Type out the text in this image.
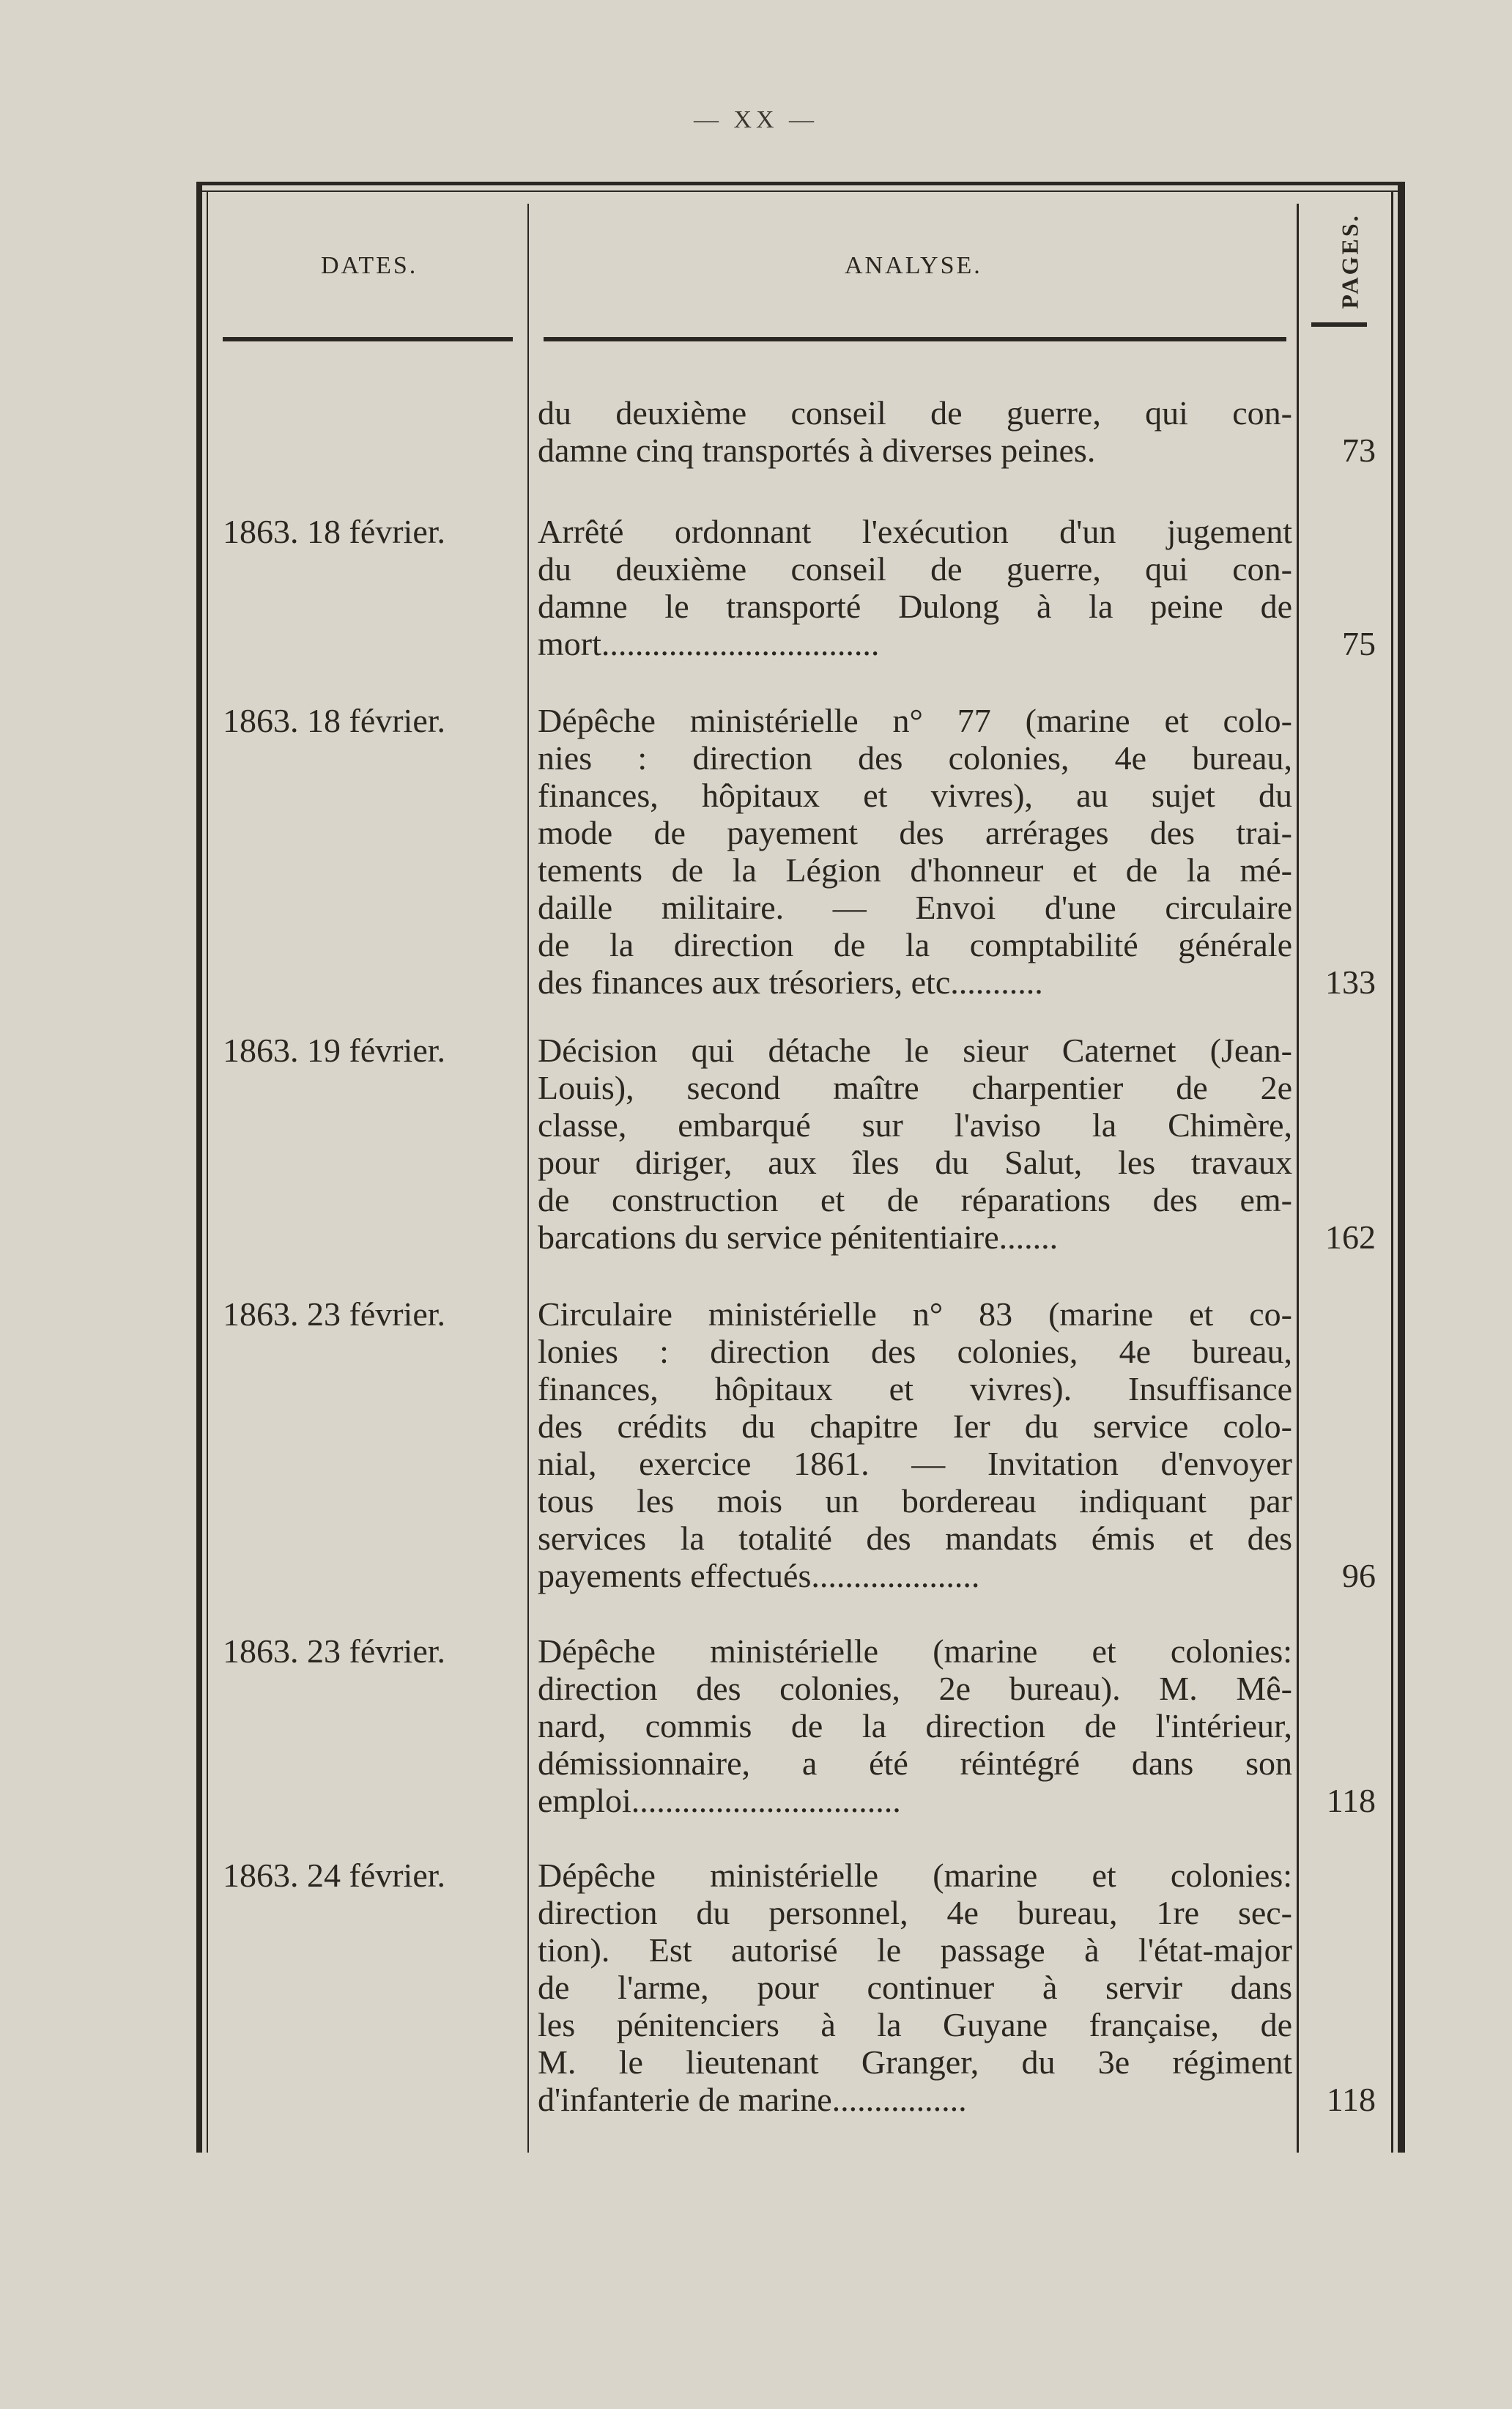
— XX —
DATES.	ANALYSE.	PAGES.
du deuxième conseil de guerre, qui con-
damne cinq transportés à diverses peines.	73
1863. 18 février.	Arrêté ordonnant l'exécution d'un jugement
du deuxième conseil de guerre, qui con-
damne le transporté Dulong à la peine de
mort.................................	75
1863. 18 février.	Dépêche ministérielle n° 77 (marine et colo-
nies : direction des colonies, 4e bureau,
finances, hôpitaux et vivres), au sujet du
mode de payement des arrérages des trai-
tements de la Légion d'honneur et de la mé-
daille militaire. — Envoi d'une circulaire
de la direction de la comptabilité générale
des finances aux trésoriers, etc...........	133
1863. 19 février.	Décision qui détache le sieur Caternet (Jean-
Louis), second maître charpentier de 2e
classe, embarqué sur l'aviso la Chimère,
pour diriger, aux îles du Salut, les travaux
de construction et de réparations des em-
barcations du service pénitentiaire.......	162
1863. 23 février.	Circulaire ministérielle n° 83 (marine et co-
lonies : direction des colonies, 4e bureau,
finances, hôpitaux et vivres). Insuffisance
des crédits du chapitre Ier du service colo-
nial, exercice 1861. — Invitation d'envoyer
tous les mois un bordereau indiquant par
services la totalité des mandats émis et des
payements effectués....................	96
1863. 23 février.	Dépêche ministérielle (marine et colonies:
direction des colonies, 2e bureau). M. Mê-
nard, commis de la direction de l'intérieur,
démissionnaire, a été réintégré dans son
emploi................................	118
1863. 24 février.	Dépêche ministérielle (marine et colonies:
direction du personnel, 4e bureau, 1re sec-
tion). Est autorisé le passage à l'état-major
de l'arme, pour continuer à servir dans
les pénitenciers à la Guyane française, de
M. le lieutenant Granger, du 3e régiment
d'infanterie de marine................	118
